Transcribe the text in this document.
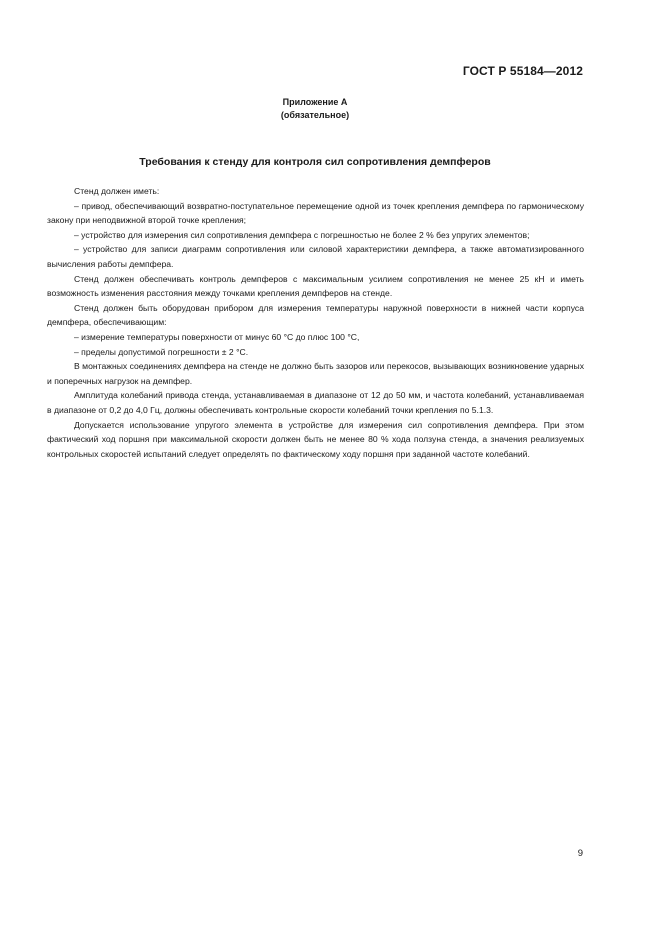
ГОСТ Р 55184—2012
Приложение А
(обязательное)
Требования к стенду для контроля сил сопротивления демпферов

Стенд должен иметь:

– привод, обеспечивающий возвратно-поступательное перемещение одной из точек крепления демпфера по гармоническому закону при неподвижной второй точке крепления;

– устройство для измерения сил сопротивления демпфера с погрешностью не более 2 % без упругих элементов;

– устройство для записи диаграмм сопротивления или силовой характеристики демпфера, а также автоматизированного вычисления работы демпфера.

Стенд должен обеспечивать контроль демпферов с максимальным усилием сопротивления не менее 25 кН и иметь возможность изменения расстояния между точками крепления демпферов на стенде.

Стенд должен быть оборудован прибором для измерения температуры наружной поверхности в нижней части корпуса демпфера, обеспечивающим:

– измерение температуры поверхности от минус 60 °С до плюс 100 °С,

– пределы допустимой погрешности ± 2 °С.

В монтажных соединениях демпфера на стенде не должно быть зазоров или перекосов, вызывающих возникновение ударных и поперечных нагрузок на демпфер.

Амплитуда колебаний привода стенда, устанавливаемая в диапазоне от 12 до 50 мм, и частота колебаний, устанавливаемая в диапазоне от 0,2 до 4,0 Гц, должны обеспечивать контрольные скорости колебаний точки крепления по 5.1.3.

Допускается использование упругого элемента в устройстве для измерения сил сопротивления демпфера. При этом фактический ход поршня при максимальной скорости должен быть не менее 80 % хода ползуна стенда, а значения реализуемых контрольных скоростей испытаний следует определять по фактическому ходу поршня при заданной частоте колебаний.

9
